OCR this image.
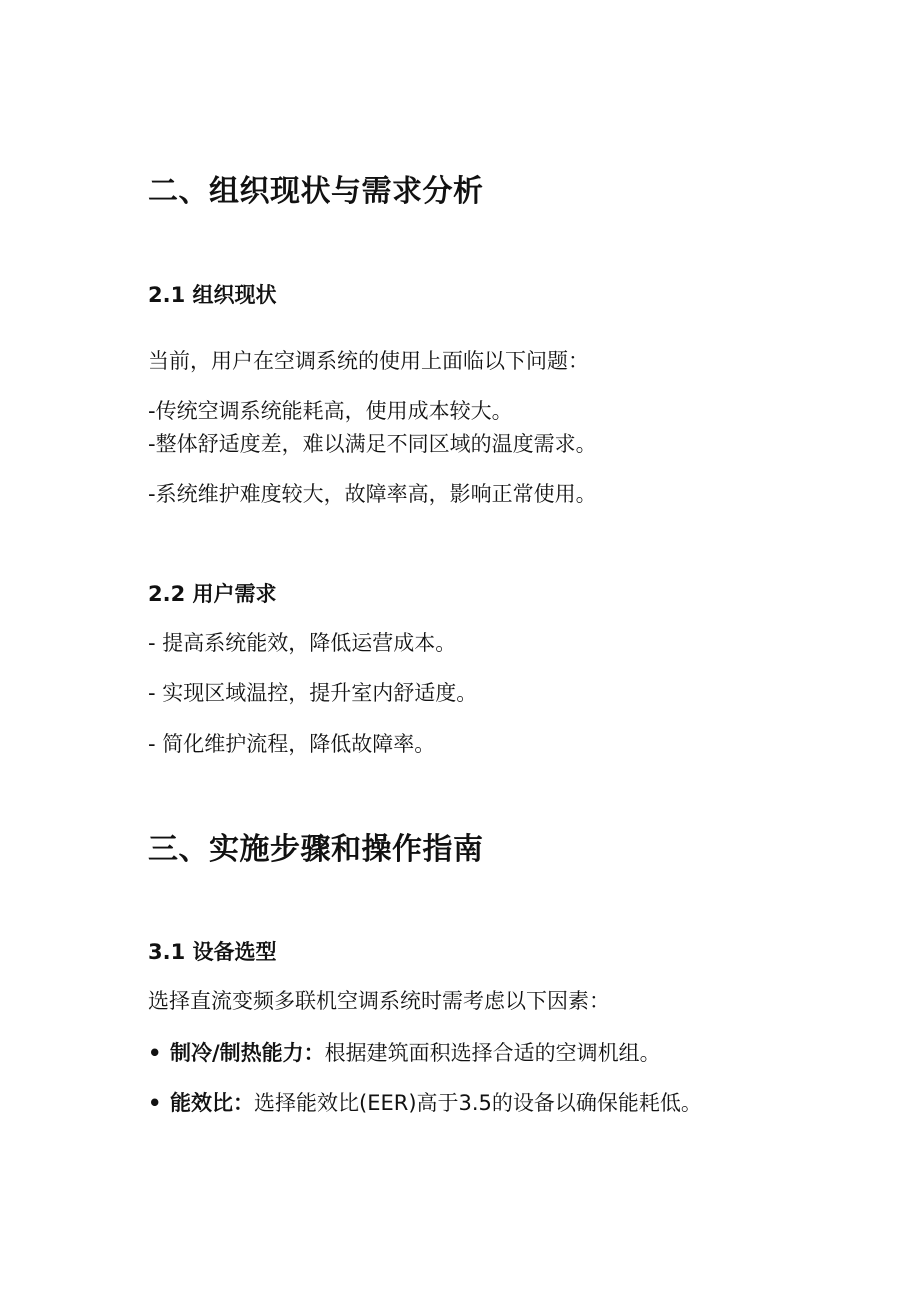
二、组织现状与需求分析
2.1 组织现状

当前，用户在空调系统的使用上面临以下问题：

-传统空调系统能耗高，使用成本较大。

-整体舒适度差，难以满足不同区域的温度需求。

-系统维护难度较大，故障率高，影响正常使用。

2.2 用户需求

- 提高系统能效，降低运营成本。

- 实现区域温控，提升室内舒适度。

- 简化维护流程，降低故障率。

三、实施步骤和操作指南
3.1 设备选型

选择直流变频多联机空调系统时需考虑以下因素：

• 制冷/制热能力：根据建筑面积选择合适的空调机组。
• 能效比：选择能效比(EER)高于3.5的设备以确保能耗低。
